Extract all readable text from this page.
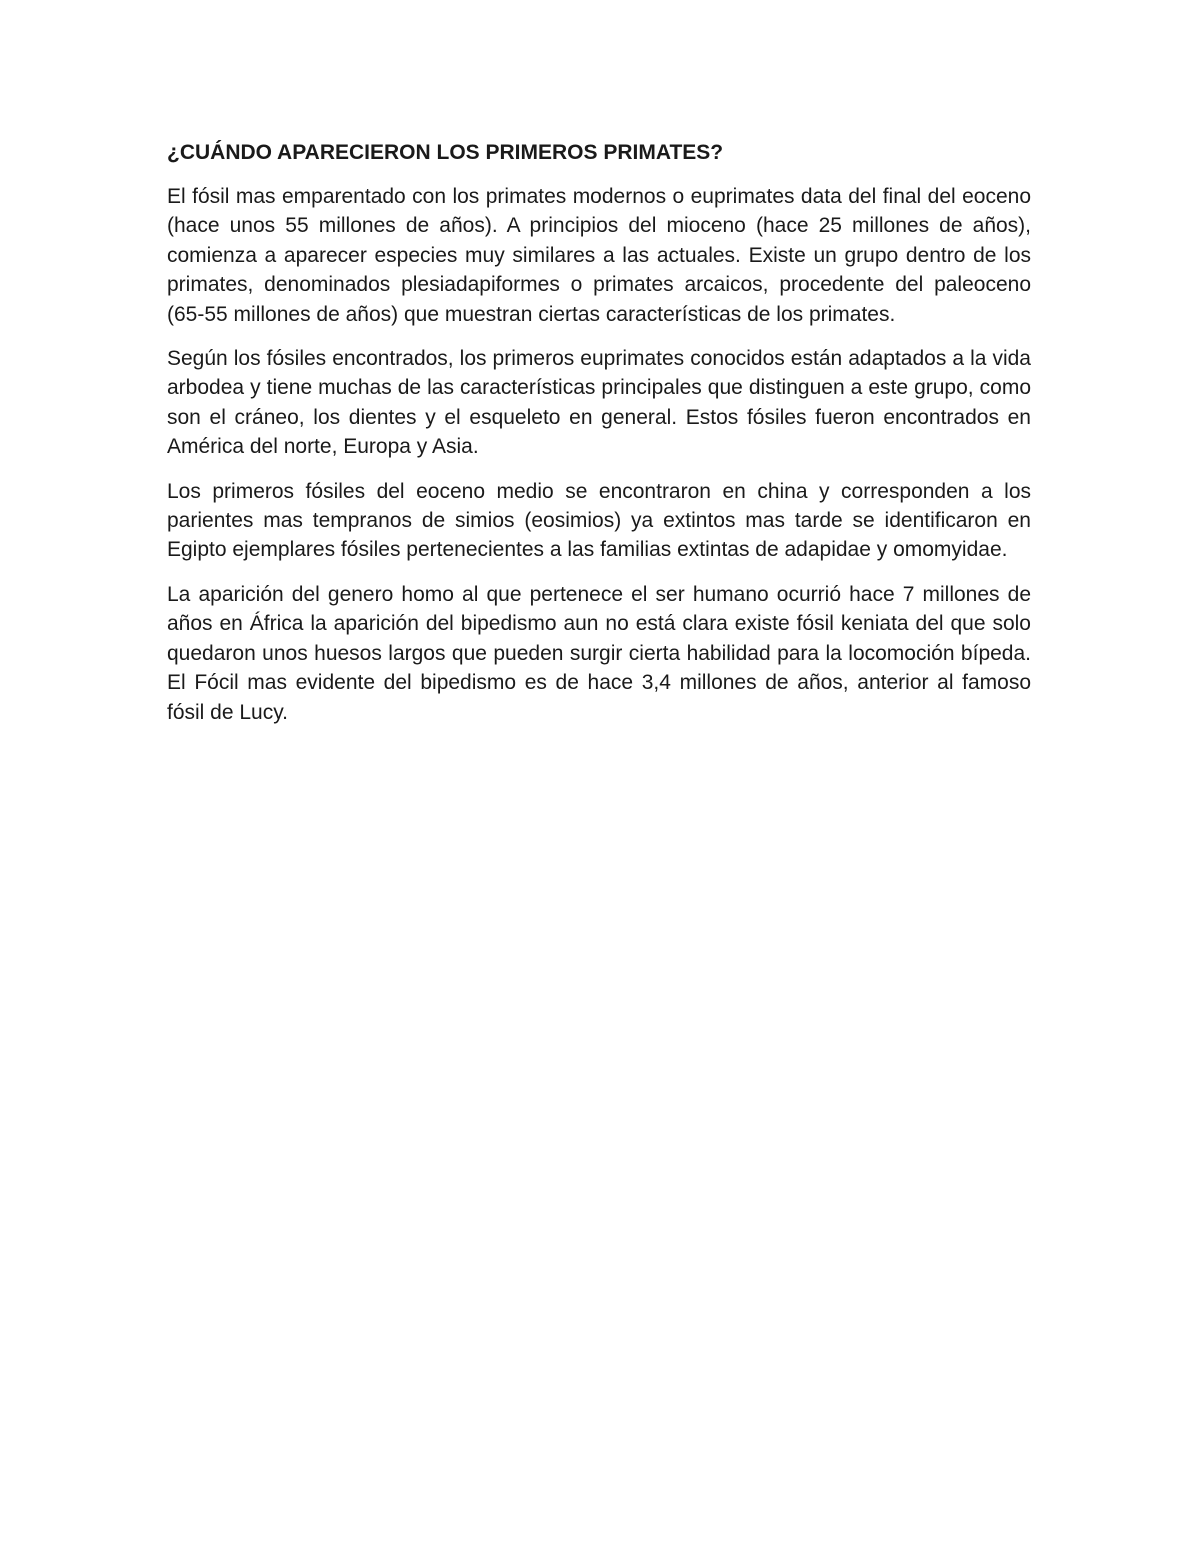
¿CUÁNDO APARECIERON LOS PRIMEROS PRIMATES?

El fósil mas emparentado con los primates modernos o euprimates data del final del eoceno (hace unos 55 millones de años). A principios del mioceno (hace 25 millones de años), comienza a aparecer especies muy similares a las actuales. Existe un grupo dentro de los primates, denominados plesiadapiformes o primates arcaicos, procedente del paleoceno (65-55 millones de años) que muestran ciertas características de los primates.

Según los fósiles encontrados, los primeros euprimates conocidos están adaptados a la vida arbodea y tiene muchas de las características principales que distinguen a este grupo, como son el cráneo, los dientes y el esqueleto en general. Estos fósiles fueron encontrados en América del norte, Europa y Asia.

Los primeros fósiles del eoceno medio se encontraron en china y corresponden a los parientes mas tempranos de simios (eosimios) ya extintos mas tarde se identificaron en Egipto ejemplares fósiles pertenecientes a las familias extintas de adapidae y omomyidae.

La aparición del genero homo al que pertenece el ser humano ocurrió hace 7 millones de años en África la aparición del bipedismo aun no está clara existe fósil keniata del que solo quedaron unos huesos largos que pueden surgir cierta habilidad para la locomoción bípeda. El Fócil mas evidente del bipedismo es de hace 3,4 millones de años, anterior al famoso fósil de Lucy.
